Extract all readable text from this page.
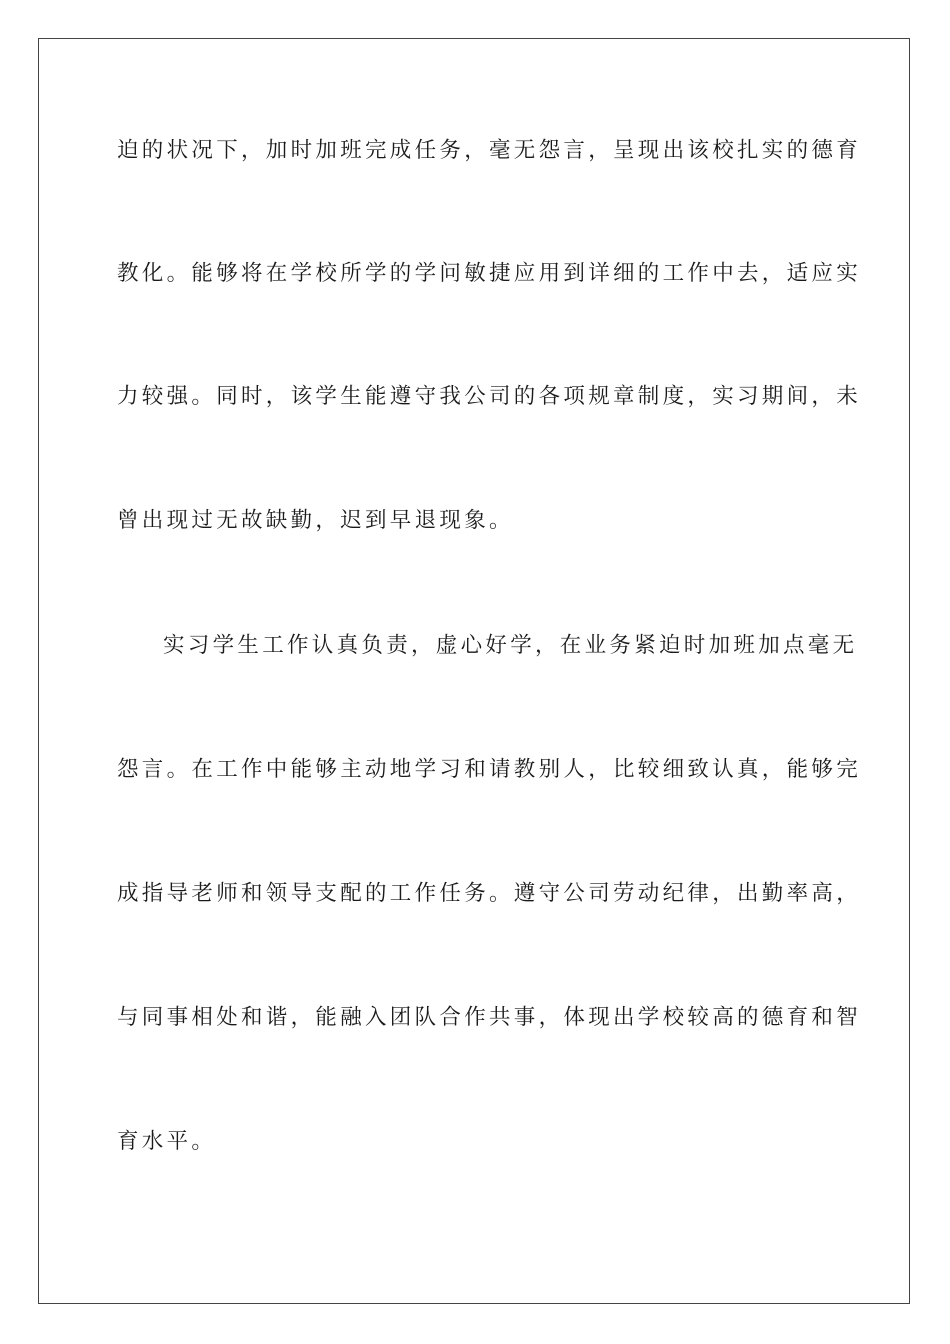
迫的状况下，加时加班完成任务，毫无怨言，呈现出该校扎实的德育
教化。能够将在学校所学的学问敏捷应用到详细的工作中去，适应实
力较强。同时，该学生能遵守我公司的各项规章制度，实习期间，未
曾出现过无故缺勤，迟到早退现象。
实习学生工作认真负责，虚心好学，在业务紧迫时加班加点毫无
怨言。在工作中能够主动地学习和请教别人，比较细致认真，能够完
成指导老师和领导支配的工作任务。遵守公司劳动纪律，出勤率高，
与同事相处和谐，能融入团队合作共事，体现出学校较高的德育和智
育水平。
